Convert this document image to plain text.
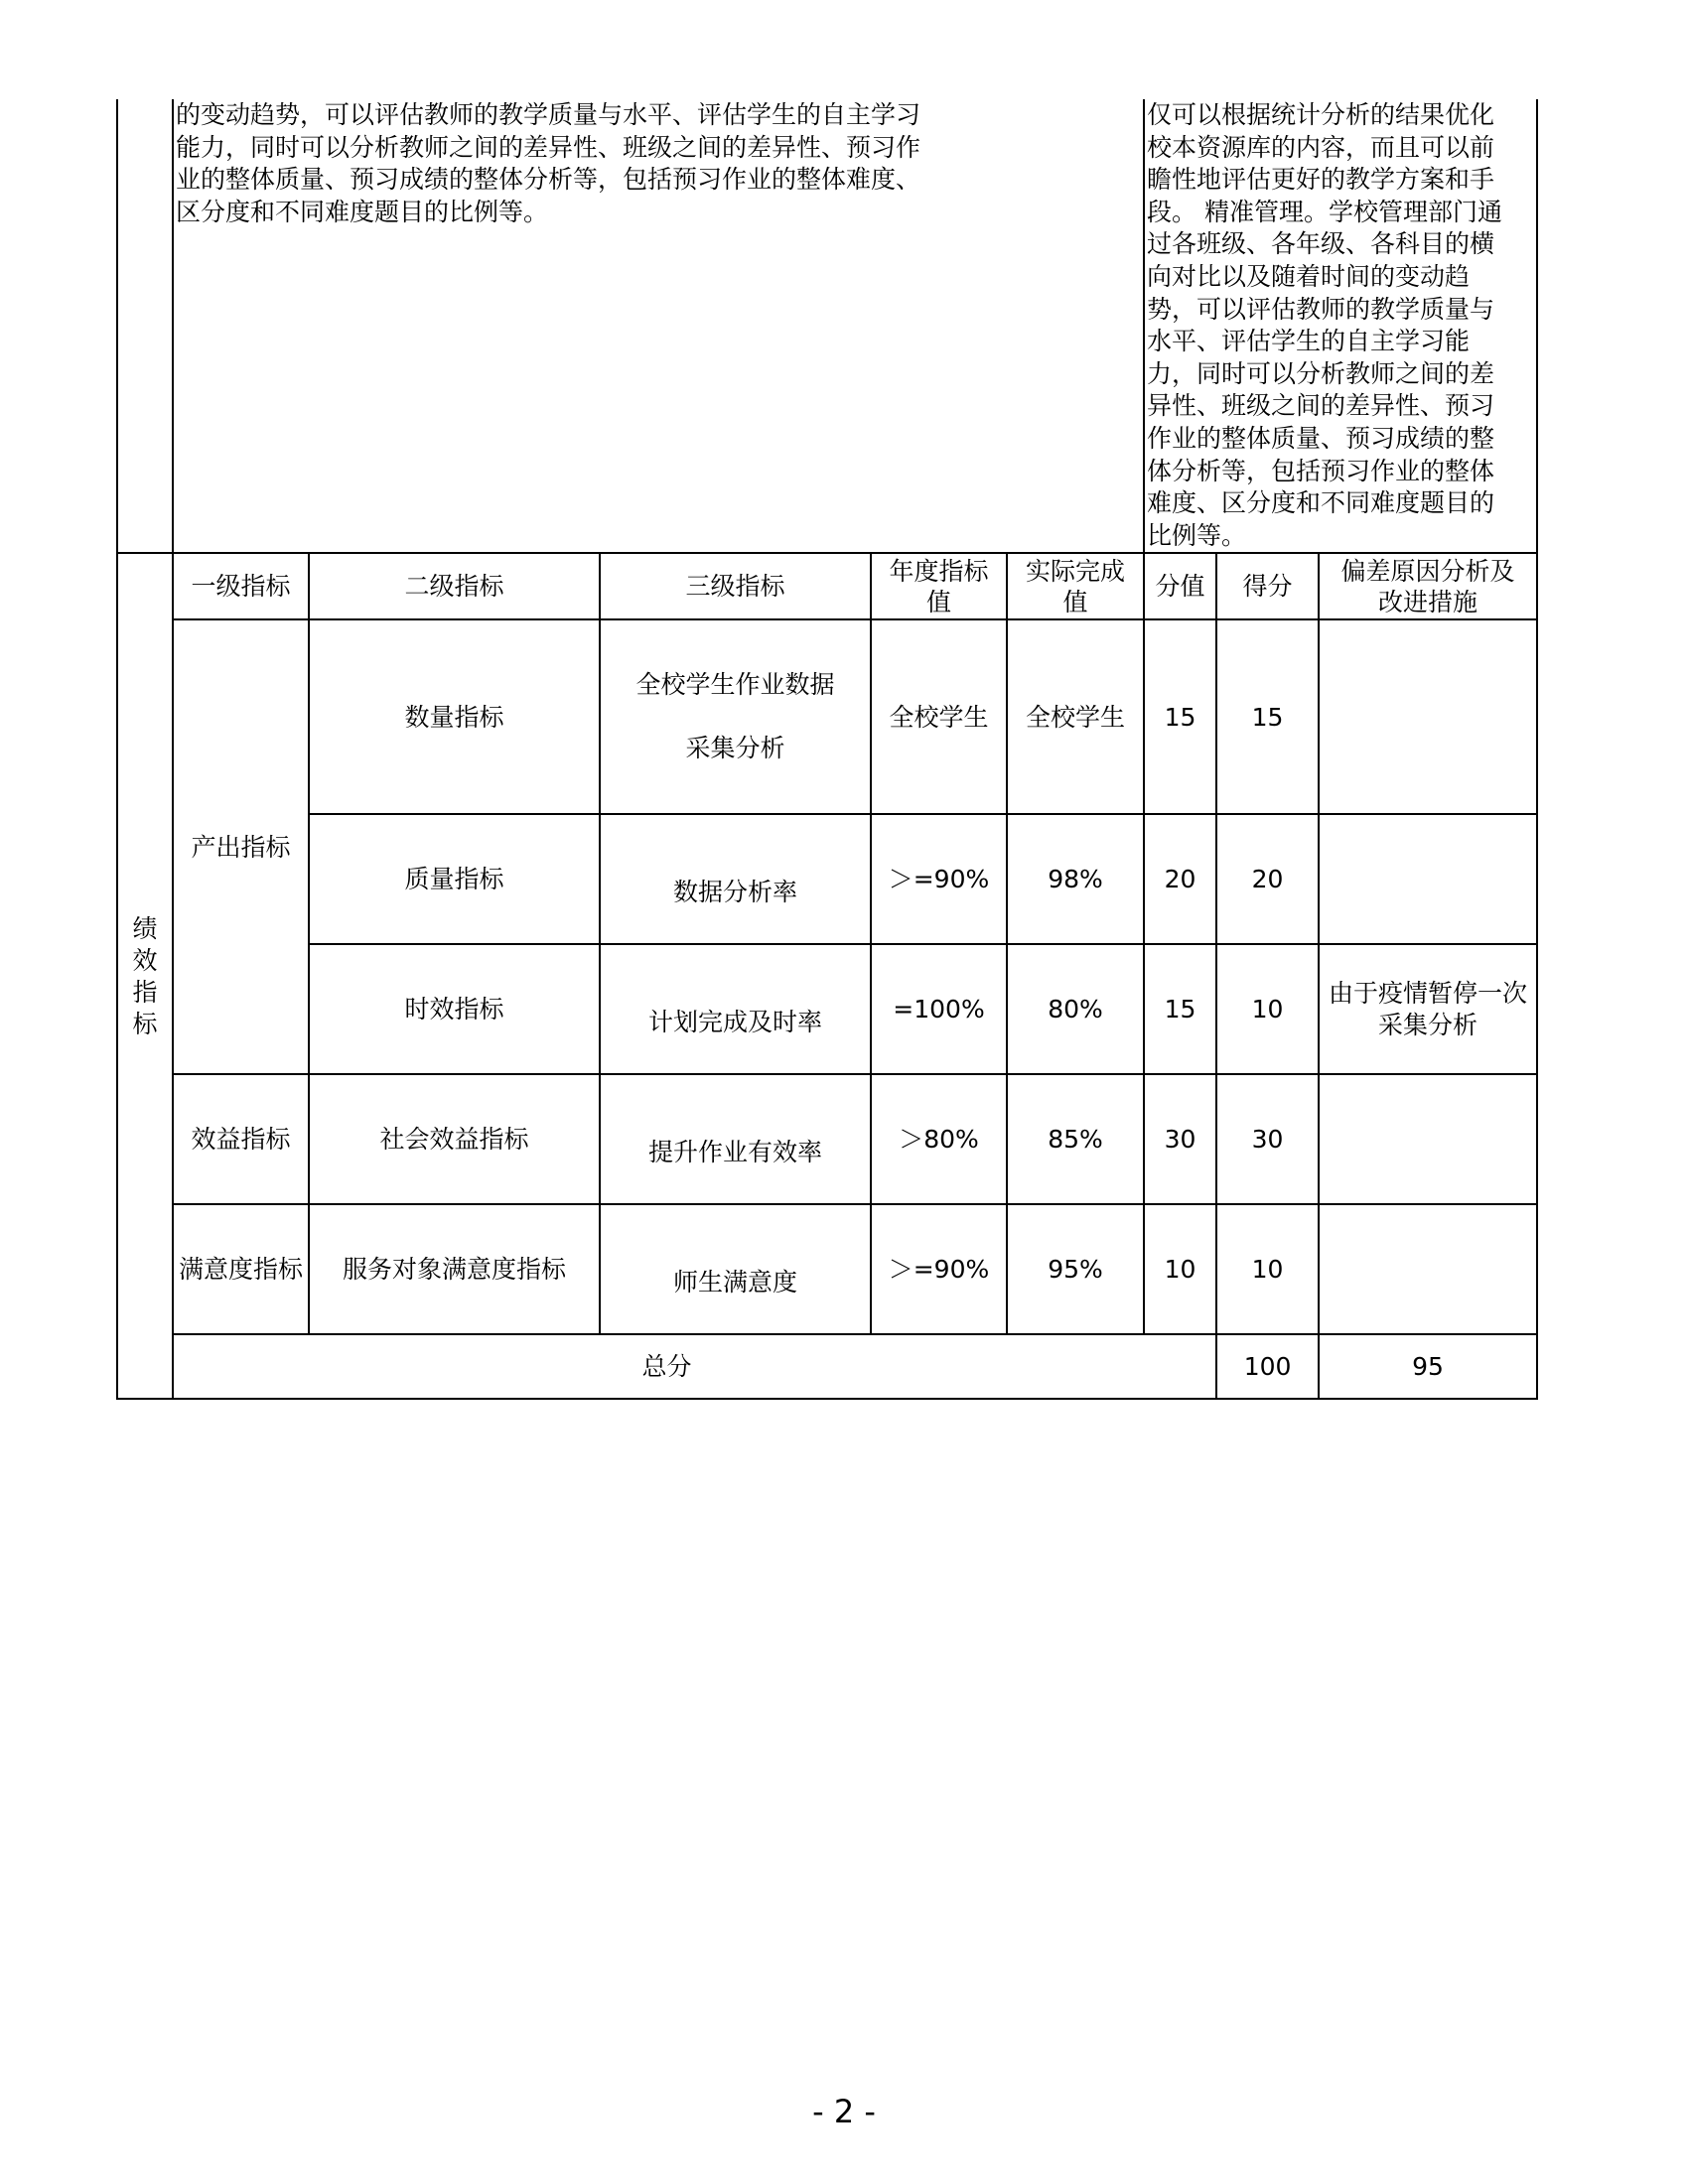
	的变动趋势，可以评估教师的教学质量与水平、评估学生的自主学习能力，同时可以分析教师之间的差异性、班级之间的差异性、预习作业的整体质量、预习成绩的整体分析等，包括预习作业的整体难度、区分度和不同难度题目的比例等。	仅可以根据统计分析的结果优化校本资源库的内容，而且可以前瞻性地评估更好的教学方案和手段。 精准管理。学校管理部门通过各班级、各年级、各科目的横向对比以及随着时间的变动趋势，可以评估教师的教学质量与水平、评估学生的自主学习能力，同时可以分析教师之间的差异性、班级之间的差异性、预习作业的整体质量、预习成绩的整体分析等，包括预习作业的整体难度、区分度和不同难度题目的比例等。

绩效指标	一级指标	二级指标	三级指标	年度指标值	实际完成值	分值	得分	偏差原因分析及改进措施

产出指标	数量指标	全校学生作业数据采集分析	全校学生	全校学生	15	15	
质量指标	数据分析率	＞=90%	98%	20	20	
时效指标	计划完成及时率	=100%	80%	15	10	由于疫情暂停一次采集分析

效益指标	社会效益指标	提升作业有效率	＞80%	85%	30	30	
满意度指标	服务对象满意度指标	师生满意度	＞=90%	95%	10	10	
总分	100	95	
- 2 -
